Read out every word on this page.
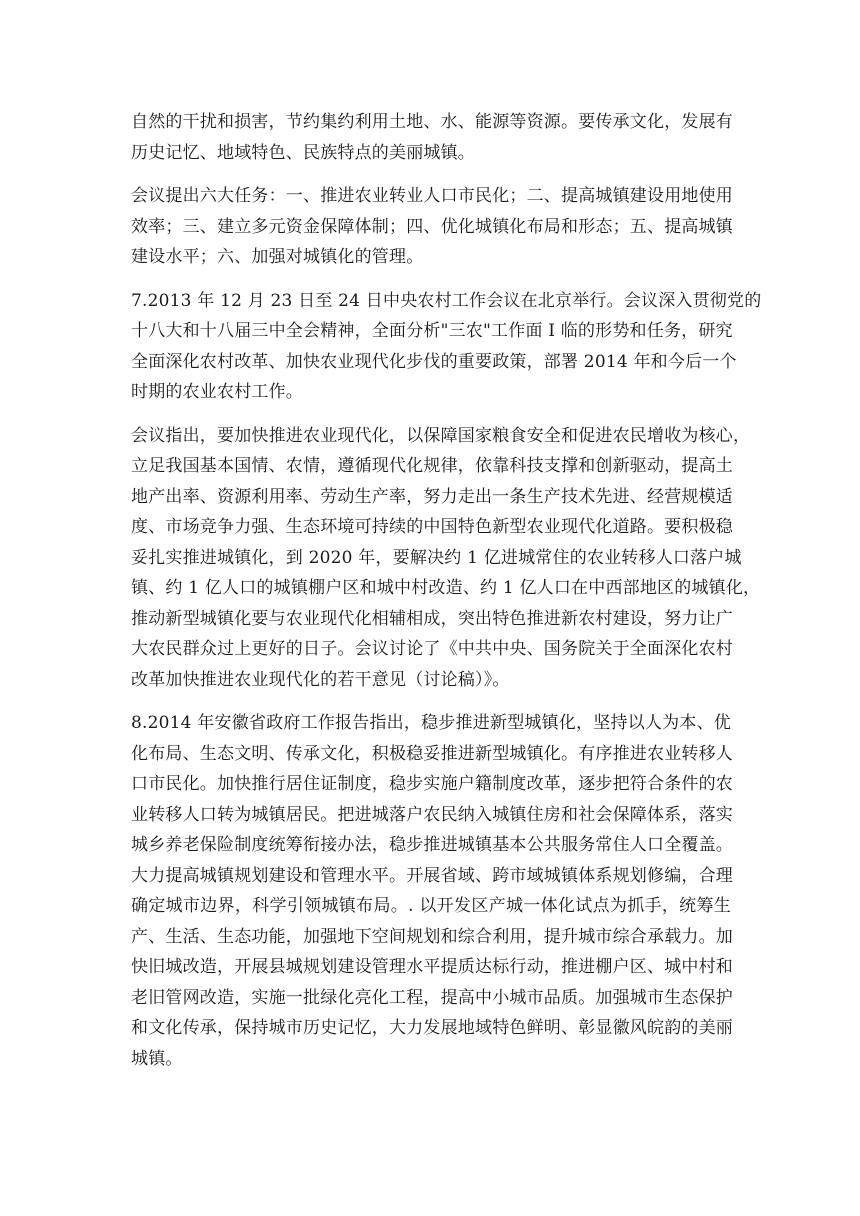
自然的干扰和损害，节约集约利用土地、水、能源等资源。要传承文化，发展有
历史记忆、地域特色、民族特点的美丽城镇。

会议提出六大任务：一、推进农业转业人口市民化；二、提高城镇建设用地使用
效率；三、建立多元资金保障体制；四、优化城镇化布局和形态；五、提高城镇
建设水平；六、加强对城镇化的管理。

7.2013 年 12 月 23 日至 24 日中央农村工作会议在北京举行。会议深入贯彻党的
十八大和十八届三中全会精神，全面分析"三农"工作面 I 临的形势和任务，研究
全面深化农村改革、加快农业现代化步伐的重要政策，部署 2014 年和今后一个
时期的农业农村工作。

会议指出，要加快推进农业现代化，以保障国家粮食安全和促进农民增收为核心，
立足我国基本国情、农情，遵循现代化规律，依靠科技支撑和创新驱动，提高土
地产出率、资源利用率、劳动生产率，努力走出一条生产技术先进、经营规模适
度、市场竞争力强、生态环境可持续的中国特色新型农业现代化道路。要积极稳
妥扎实推进城镇化，到 2020 年，要解决约 1 亿进城常住的农业转移人口落户城
镇、约 1 亿人口的城镇棚户区和城中村改造、约 1 亿人口在中西部地区的城镇化，
推动新型城镇化要与农业现代化相辅相成，突出特色推进新农村建设，努力让广
大农民群众过上更好的日子。会议讨论了《中共中央、国务院关于全面深化农村
改革加快推进农业现代化的若干意见（讨论稿）》。

8.2014 年安徽省政府工作报告指出，稳步推进新型城镇化，坚持以人为本、优
化布局、生态文明、传承文化，积极稳妥推进新型城镇化。有序推进农业转移人
口市民化。加快推行居住证制度，稳步实施户籍制度改革，逐步把符合条件的农
业转移人口转为城镇居民。把进城落户农民纳入城镇住房和社会保障体系，落实
城乡养老保险制度统筹衔接办法，稳步推进城镇基本公共服务常住人口全覆盖。
大力提高城镇规划建设和管理水平。开展省域、跨市域城镇体系规划修编，合理
确定城市边界，科学引领城镇布局。. 以开发区产城一体化试点为抓手，统筹生
产、生活、生态功能，加强地下空间规划和综合利用，提升城市综合承载力。加
快旧城改造，开展县城规划建设管理水平提质达标行动，推进棚户区、城中村和
老旧管网改造，实施一批绿化亮化工程，提高中小城市品质。加强城市生态保护
和文化传承，保持城市历史记忆，大力发展地域特色鲜明、彰显徽风皖韵的美丽
城镇。
